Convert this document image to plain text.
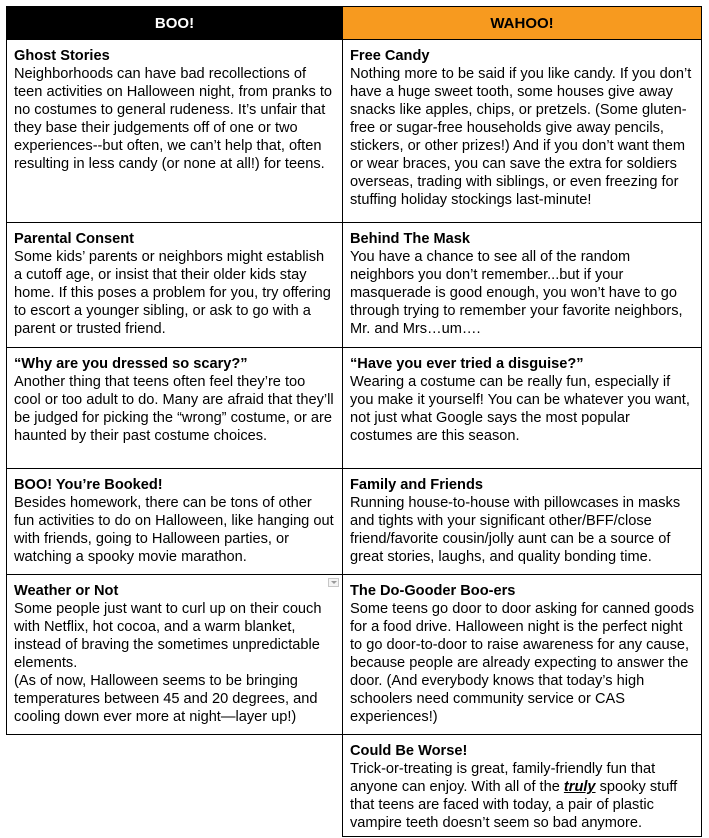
BOO!	WAHOO!
Ghost Stories
Neighborhoods can have bad recollections of teen activities on Halloween night, from pranks to no costumes to general rudeness. It’s unfair that they base their judgements off of one or two experiences--but often, we can’t help that, often resulting in less candy (or none at all!) for teens.
Free Candy
Nothing more to be said if you like candy. If you don’t have a huge sweet tooth, some houses give away snacks like apples, chips, or pretzels. (Some gluten-free or sugar-free households give away pencils, stickers, or other prizes!) And if you don’t want them or wear braces, you can save the extra for soldiers overseas, trading with siblings, or even freezing for stuffing holiday stockings last-minute!
Parental Consent
Some kids’ parents or neighbors might establish a cutoff age, or insist that their older kids stay home. If this poses a problem for you, try offering to escort a younger sibling, or ask to go with a parent or trusted friend.
Behind The Mask
You have a chance to see all of the random neighbors you don’t remember...but if your masquerade is good enough, you won’t have to go through trying to remember your favorite neighbors, Mr. and Mrs…um….
“Why are you dressed so scary?”
Another thing that teens often feel they’re too cool or too adult to do. Many are afraid that they’ll be judged for picking the “wrong” costume, or are haunted by their past costume choices.
“Have you ever tried a disguise?”
Wearing a costume can be really fun, especially if you make it yourself! You can be whatever you want, not just what Google says the most popular costumes are this season.
BOO! You’re Booked!
Besides homework, there can be tons of other fun activities to do on Halloween, like hanging out with friends, going to Halloween parties, or watching a spooky movie marathon.
Family and Friends
Running house-to-house with pillowcases in masks and tights with your significant other/BFF/close friend/favorite cousin/jolly aunt can be a source of great stories, laughs, and quality bonding time.
Weather or Not
Some people just want to curl up on their couch with Netflix, hot cocoa, and a warm blanket, instead of braving the sometimes unpredictable elements.
(As of now, Halloween seems to be bringing temperatures between 45 and 20 degrees, and cooling down ever more at night—layer up!)
The Do-Gooder Boo-ers
Some teens go door to door asking for canned goods for a food drive. Halloween night is the perfect night to go door-to-door to raise awareness for any cause, because people are already expecting to answer the door. (And everybody knows that today’s high schoolers need community service or CAS experiences!)
Could Be Worse!
Trick-or-treating is great, family-friendly fun that anyone can enjoy. With all of the truly spooky stuff that teens are faced with today, a pair of plastic vampire teeth doesn’t seem so bad anymore.
